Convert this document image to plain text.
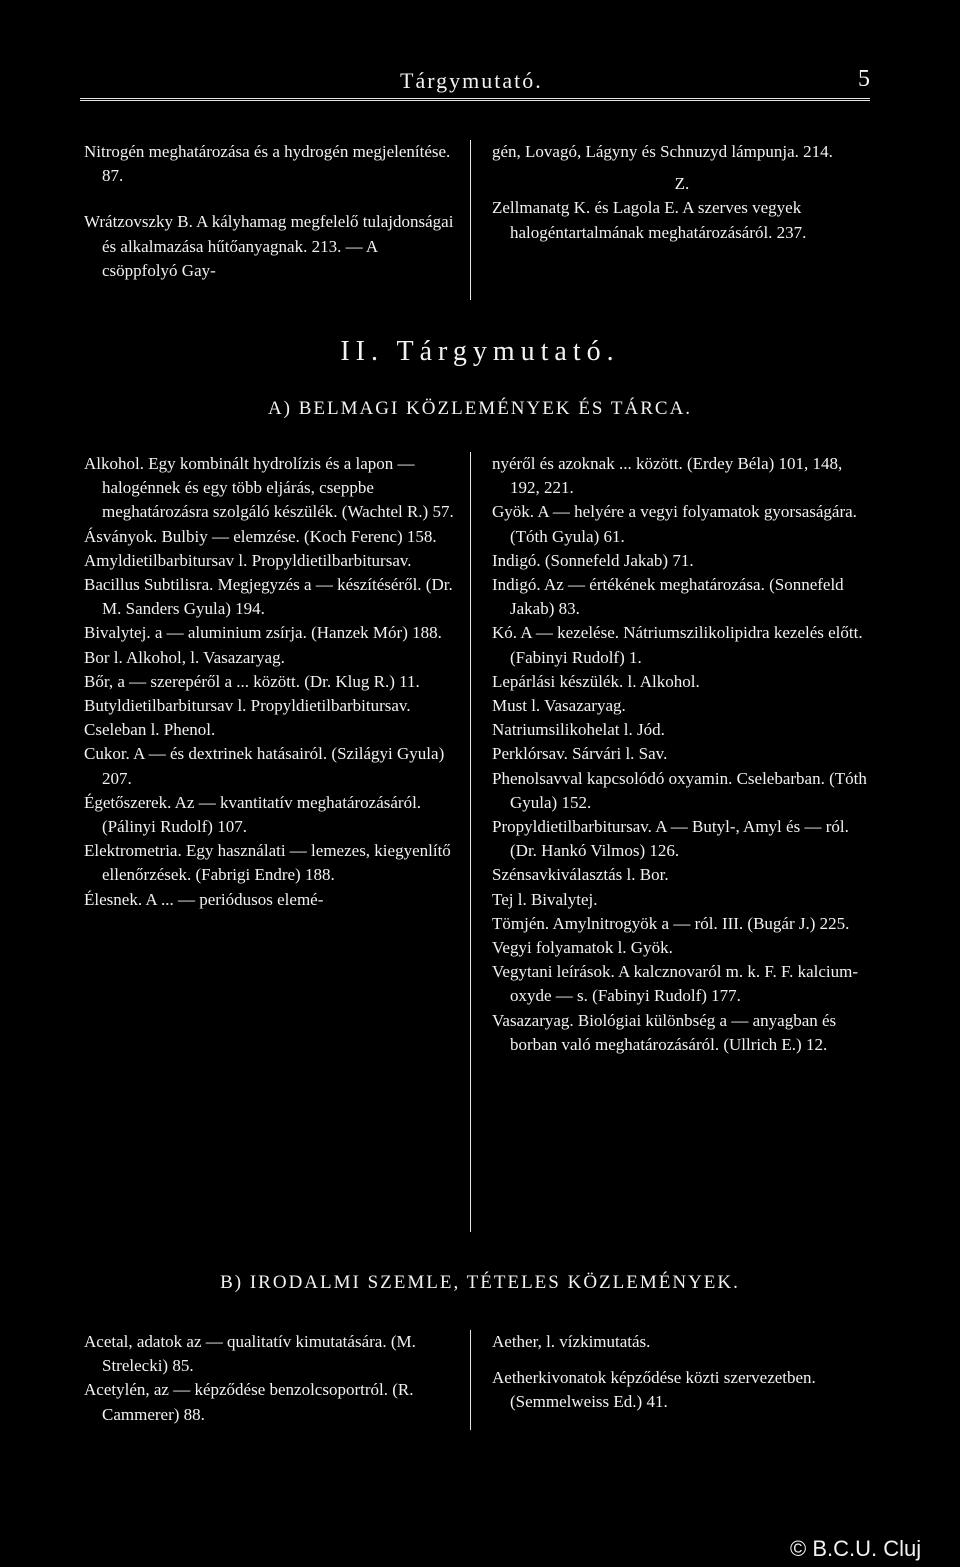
Tárgymutató.	5

Nitrogén meghatározása és a hydrogén megjelenítése. 87.

Wrátzovszky B. A kályhamag megfelelő tulajdonságai és alkalmazása hűtőanyagnak. 213. — A csöppfolyó Gay-

gén, Lovagó, Lágyny és Schnuzyd lámpunja. 214.

Z.

Zellmanatg K. és Lagola E. A szerves vegyek halogéntartalmának meghatározásáról. 237.

II. Tárgymutató.
A) BELMAGI KÖZLEMÉNYEK ÉS TÁRCA.

Alkohol. Egy kombinált hydrolízis és a lapon — halogénnek és egy több eljárás, cseppbe meghatározásra szolgáló készülék. (Wachtel R.) 57.

Ásványok. Bulbiy — elemzése. (Koch Ferenc) 158.

Amyldietilbarbitursav l. Propyldietilbarbitursav.

Bacillus Subtilisra. Megjegyzés a — készítéséről. (Dr. M. Sanders Gyula) 194.

Bivalytej. a — aluminium zsírja. (Hanzek Mór) 188.

Bor l. Alkohol, l. Vasazaryag.

Bőr, a — szerepéről a ... között. (Dr. Klug R.) 11.

Butyldietilbarbitursav l. Propyldietilbarbitursav.

Cseleban l. Phenol.

Cukor. A — és dextrinek hatásairól. (Szilágyi Gyula) 207.

Égetőszerek. Az — kvantitatív meghatározásáról. (Pálinyi Rudolf) 107.

Elektrometria. Egy használati — lemezes, kiegyenlítő ellenőrzések. (Fabrigi Endre) 188.

Élesnek. A ... — periódusos elemé-

nyéről és azoknak ... között. (Erdey Béla) 101, 148, 192, 221.

Gyök. A — helyére a vegyi folyamatok gyorsaságára. (Tóth Gyula) 61.

Indigó. (Sonnefeld Jakab) 71.

Indigó. Az — értékének meghatározása. (Sonnefeld Jakab) 83.

Kó. A — kezelése. Nátriumszilikolipidra kezelés előtt. (Fabinyi Rudolf) 1.

Lepárlási készülék. l. Alkohol.

Must l. Vasazaryag.

Natriumsilikohelat l. Jód.

Perklórsav. Sárvári l. Sav.

Phenolsavval kapcsolódó oxyamin. Cselebarban. (Tóth Gyula) 152.

Propyldietilbarbitursav. A — Butyl-, Amyl és — ról. (Dr. Hankó Vilmos) 126.

Szénsavkiválasztás l. Bor.

Tej l. Bivalytej.

Tömjén. Amylnitrogyök a — ról. III. (Bugár J.) 225.

Vegyi folyamatok l. Gyök.

Vegytani leírások. A kalcznovaról m. k. F. F. kalcium-oxyde — s. (Fabinyi Rudolf) 177.

Vasazaryag. Biológiai különbség a — anyagban és borban való meghatározásáról. (Ullrich E.) 12.

B) IRODALMI SZEMLE, TÉTELES KÖZLEMÉNYEK.

Acetal, adatok az — qualitatív kimutatására. (M. Strelecki) 85.

Acetylén, az — képződése benzolcsoportról. (R. Cammerer) 88.

Aether, l. vízkimutatás.

Aetherkivonatok képződése közti szervezetben. (Semmelweiss Ed.) 41.

© B.C.U. Cluj
